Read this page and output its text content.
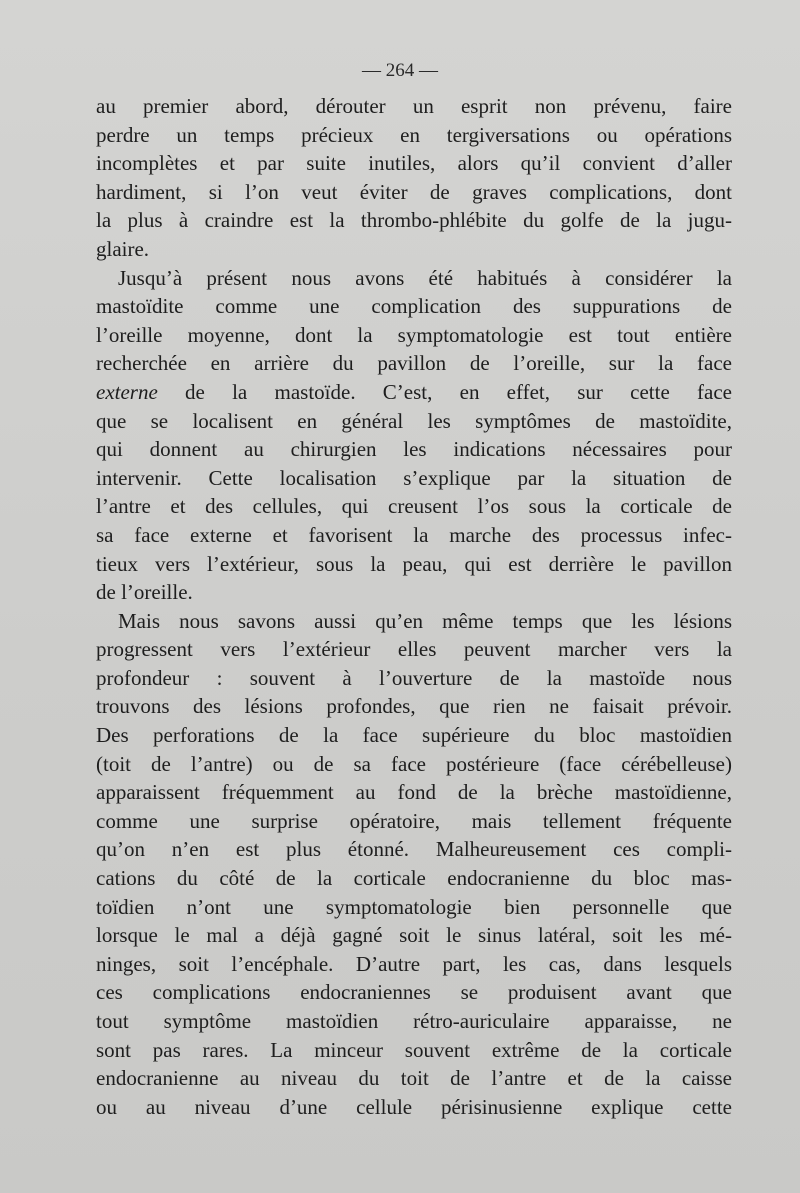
— 264 —
au premier abord, dérouter un esprit non prévenu, faire
perdre un temps précieux en tergiversations ou opérations
incomplètes et par suite inutiles, alors qu’il convient d’aller
hardiment, si l’on veut éviter de graves complications, dont
la plus à craindre est la thrombo-phlébite du golfe de la jugu-
glaire.
Jusqu’à présent nous avons été habitués à considérer la
mastoïdite comme une complication des suppurations de
l’oreille moyenne, dont la symptomatologie est tout entière
recherchée en arrière du pavillon de l’oreille, sur la face
externe de la mastoïde. C’est, en effet, sur cette face
que se localisent en général les symptômes de mastoïdite,
qui donnent au chirurgien les indications nécessaires pour
intervenir. Cette localisation s’explique par la situation de
l’antre et des cellules, qui creusent l’os sous la corticale de
sa face externe et favorisent la marche des processus infec-
tieux vers l’extérieur, sous la peau, qui est derrière le pavillon
de l’oreille.
Mais nous savons aussi qu’en même temps que les lésions
progressent vers l’extérieur elles peuvent marcher vers la
profondeur : souvent à l’ouverture de la mastoïde nous
trouvons des lésions profondes, que rien ne faisait prévoir.
Des perforations de la face supérieure du bloc mastoïdien
(toit de l’antre) ou de sa face postérieure (face cérébelleuse)
apparaissent fréquemment au fond de la brèche mastoïdienne,
comme une surprise opératoire, mais tellement fréquente
qu’on n’en est plus étonné. Malheureusement ces compli-
cations du côté de la corticale endocranienne du bloc mas-
toïdien n’ont une symptomatologie bien personnelle que
lorsque le mal a déjà gagné soit le sinus latéral, soit les mé-
ninges, soit l’encéphale. D’autre part, les cas, dans lesquels
ces complications endocraniennes se produisent avant que
tout symptôme mastoïdien rétro-auriculaire apparaisse, ne
sont pas rares. La minceur souvent extrême de la corticale
endocranienne au niveau du toit de l’antre et de la caisse
ou au niveau d’une cellule périsinusienne explique cette
